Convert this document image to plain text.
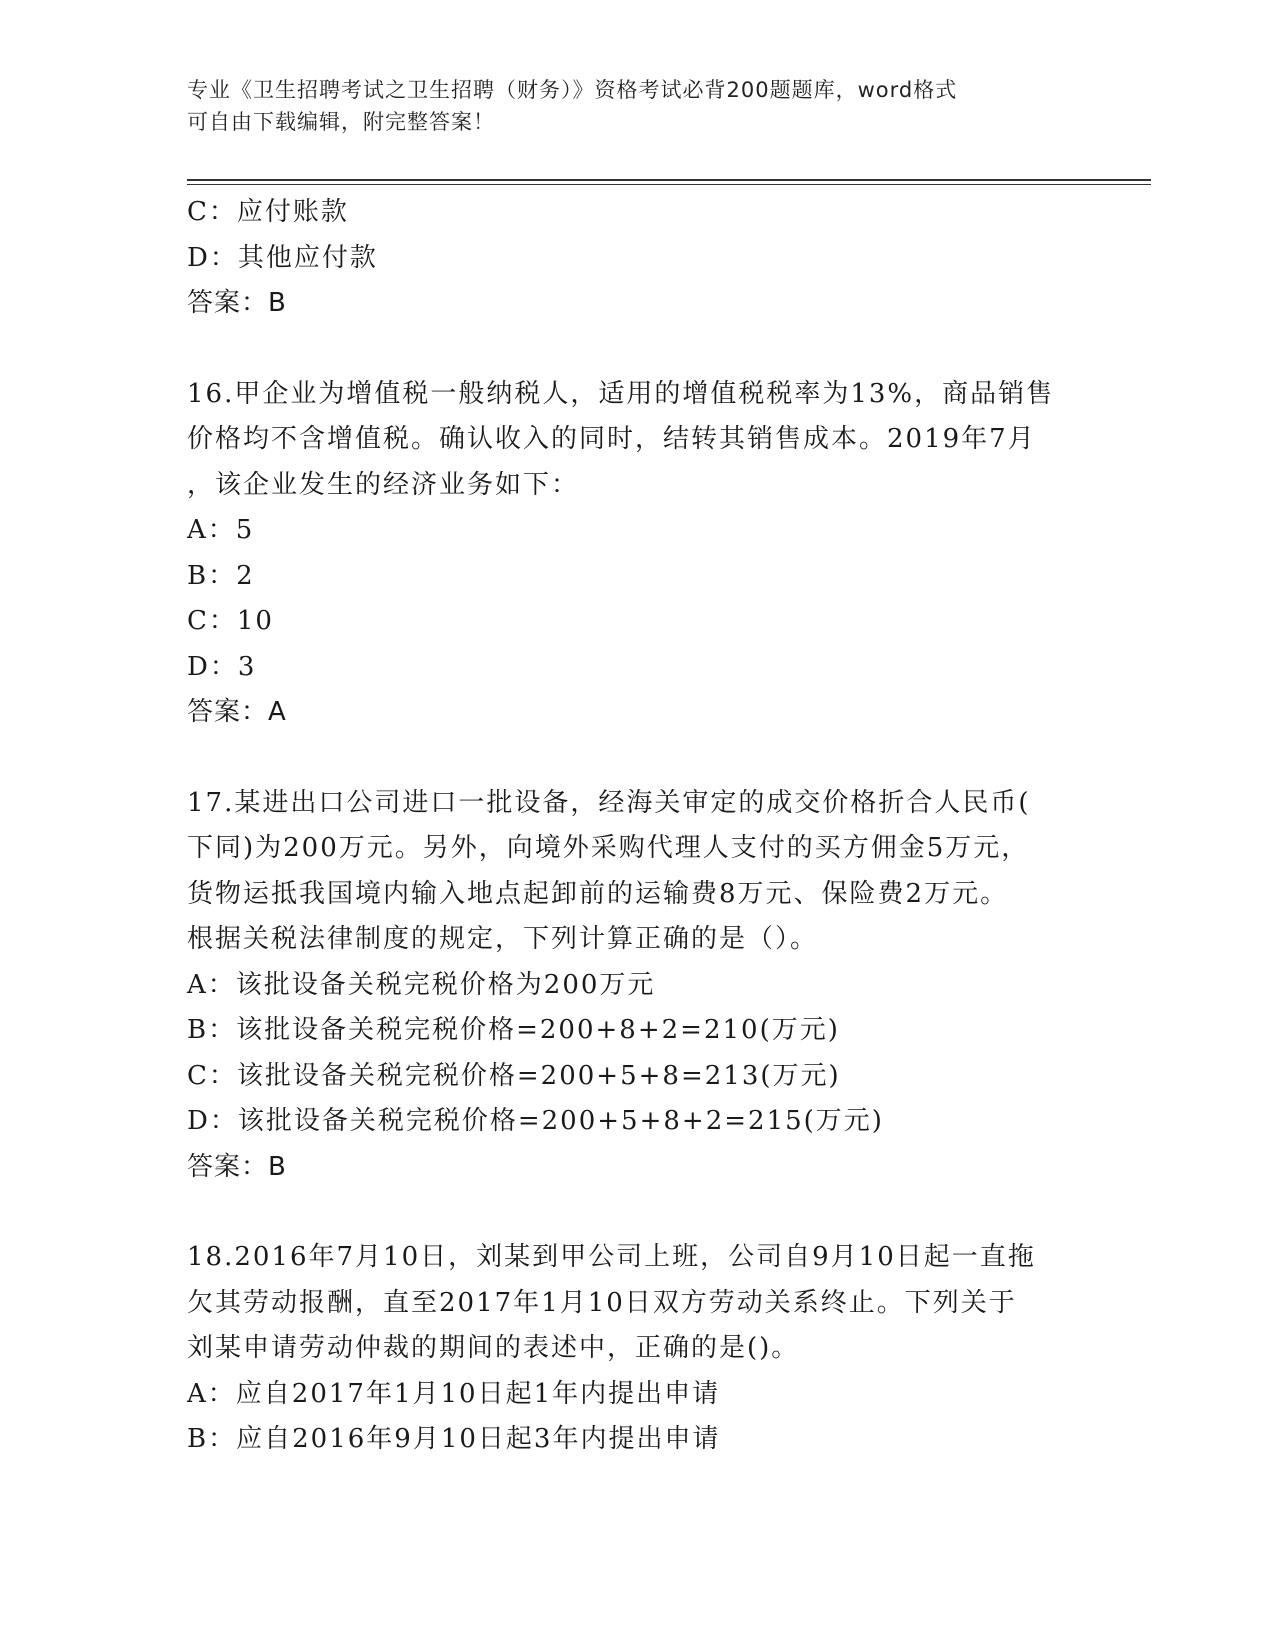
专业《卫生招聘考试之卫生招聘（财务）》资格考试必背200题题库，word格式
可自由下载编辑，附完整答案！
C：应付账款
D：其他应付款
答案：B
16.甲企业为增值税一般纳税人，适用的增值税税率为13%，商品销售
价格均不含增值税。确认收入的同时，结转其销售成本。2019年7月
，该企业发生的经济业务如下：
A：5
B：2
C：10
D：3
答案：A
17.某进出口公司进口一批设备，经海关审定的成交价格折合人民币(
下同)为200万元。另外，向境外采购代理人支付的买方佣金5万元，
货物运抵我国境内输入地点起卸前的运输费8万元、保险费2万元。
根据关税法律制度的规定，下列计算正确的是（）。
A：该批设备关税完税价格为200万元
B：该批设备关税完税价格=200+8+2=210(万元)
C：该批设备关税完税价格=200+5+8=213(万元)
D：该批设备关税完税价格=200+5+8+2=215(万元)
答案：B
18.2016年7月10日，刘某到甲公司上班，公司自9月10日起一直拖
欠其劳动报酬，直至2017年1月10日双方劳动关系终止。下列关于
刘某申请劳动仲裁的期间的表述中，正确的是()。
A：应自2017年1月10日起1年内提出申请
B：应自2016年9月10日起3年内提出申请
